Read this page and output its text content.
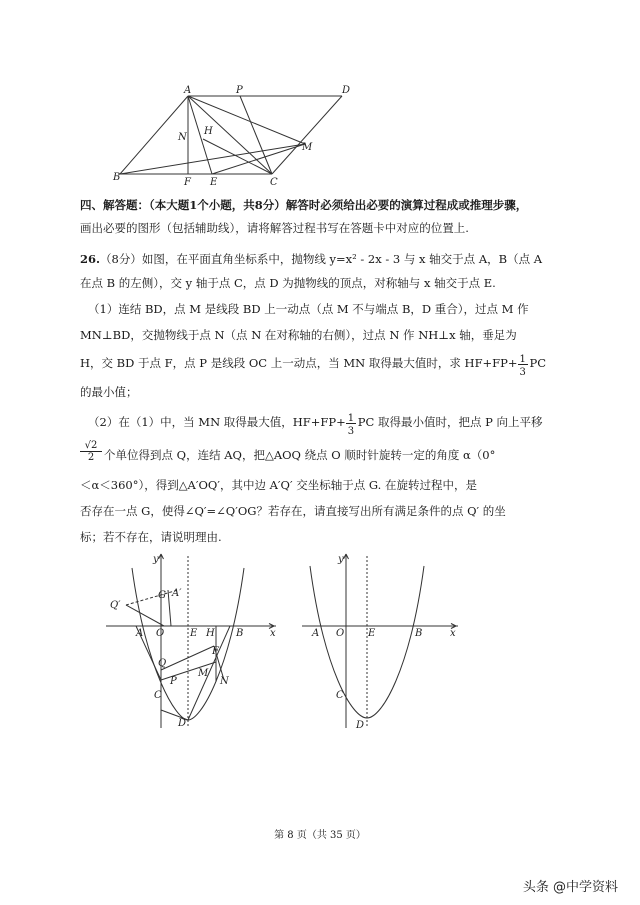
A	P	D
N
H
M
B	F E	C
四、解答题：（本大题1个小题，共8分）解答时必须给出必要的演算过程成或推理步骤，
画出必要的图形（包括辅助线），请将解答过程书写在答题卡中对应的位置上.
26.（8分）如图，在平面直角坐标系中，抛物线 y=x² - 2x - 3 与 x 轴交于点 A，B（点 A
在点 B 的左侧），交 y 轴于点 C，点 D 为抛物线的顶点，对称轴与 x 轴交于点 E.
（1）连结 BD，点 M 是线段 BD 上一动点（点 M 不与端点 B，D 重合），过点 M 作
MN⊥BD，交抛物线于点 N（点 N 在对称轴的右侧），过点 N 作 NH⊥x 轴，垂足为
H，交 BD 于点 F，点 P 是线段 OC 上一动点，当 MN 取得最大值时，求 HF+FP+
$\frac{1}{3}$
PC
的最小值；
（2）在（1）中，当 MN 取得最大值，HF+FP+
$\frac{1}{3}$
PC 取得最小值时，把点 P 向上平移
$\frac{√2}{2}$ 个单位得到点 Q，连结 AQ，把△AOQ 绕点 O 顺时针旋转一定的角度 α（0°
＜α＜360°），得到△A′OQ′，其中边 A′Q′ 交坐标轴于点 G. 在旋转过程中，是
否存在一点 G，使得∠Q′=∠Q′OG？若存在，请直接写出所有满足条件的点 Q′ 的坐
标；若不存在，请说明理由.
y
Q′
G A′
A O	E H B	x
F
Q
M
P	N
C
D
y
A O E	B	x
C
D
第 8 页（共 35 页）
头条 @中学资料
